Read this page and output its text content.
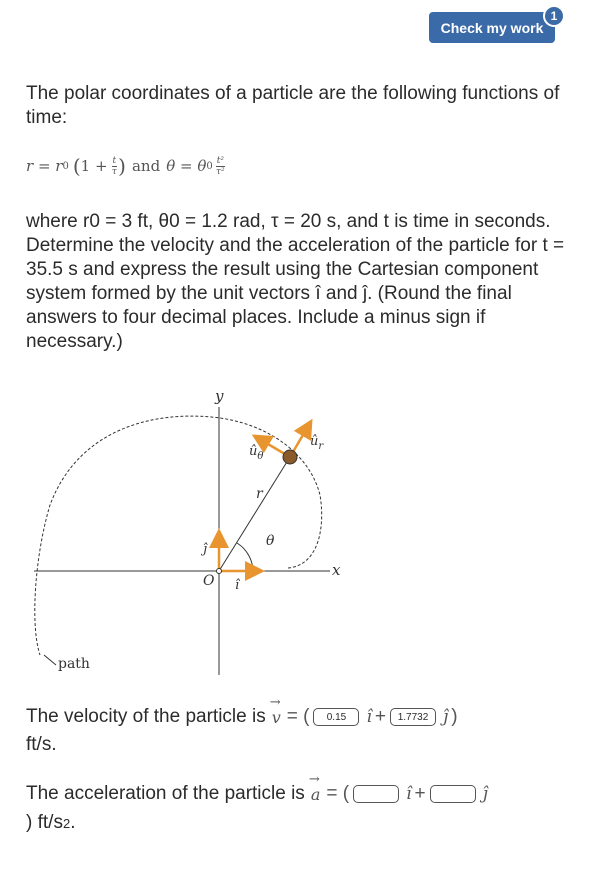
Check my work
1
The polar coordinates of a particle are the following functions of time:
r = r 0 ( $1 + \frac{t}{\tau}$ ) and θ = θ $0 \frac{\text{t²}}{\text{τ²}}$
where r0 = 3 ft, θ0 = 1.2 rad, τ = 20 s, and t is time in seconds. Determine the velocity and the acceleration of the particle for t = 35.5 s and express the result using the Cartesian component system formed by the unit vectors î and ĵ. (Round the final answers to four decimal places. Include a minus sign if necessary.)
y
x
O
r
θ
ı̂
ȷ̂
$û_r$
$û_\theta$
path
The velocity of the particle is → v = (	0.15	ı̂ +	1.7732 ȷ̂ )
ft/s.
The acceleration of the particle is → a = (	ı̂ +	ȷ̂
) ft/s 2 .
